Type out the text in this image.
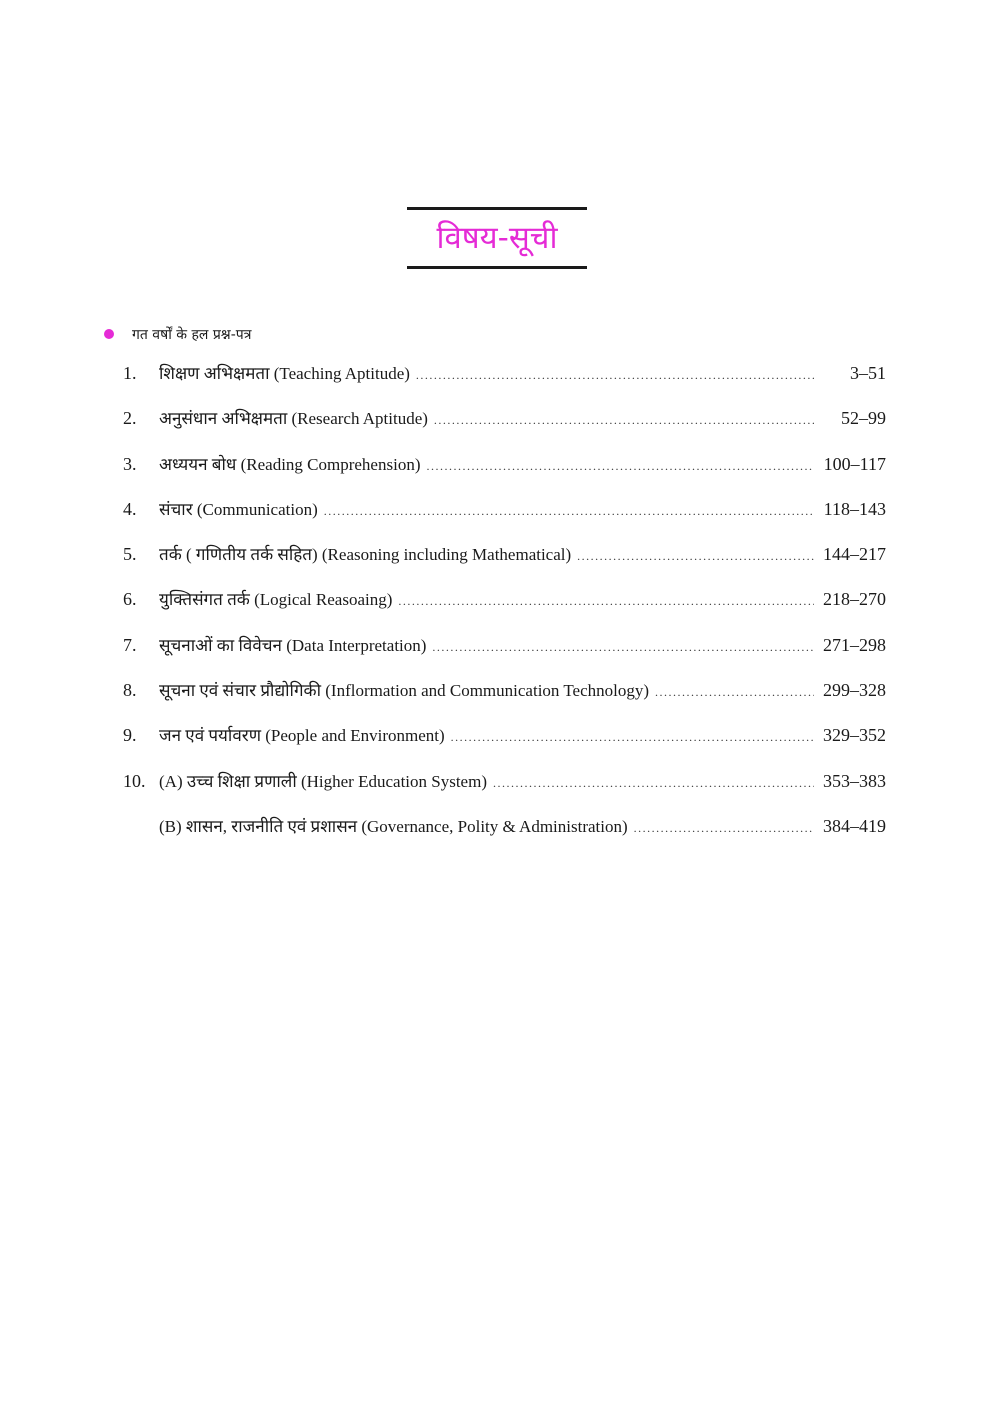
विषय-सूची
गत वर्षों के हल प्रश्न-पत्र
1.	शिक्षण अभिक्षमता (Teaching Aptitude) .....	3–51
2.	अनुसंधान अभिक्षमता (Research Aptitude) .....	52–99
3.	अध्ययन बोध (Reading Comprehension) .....	100–117
4.	संचार (Communication) .....	118–143
5.	तर्क ( गणितीय तर्क सहित) (Reasoning including Mathematical) .....	144–217
6.	युक्तिसंगत तर्क (Logical Reasoaing) .....	218–270
7.	सूचनाओं का विवेचन (Data Interpretation) .....	271–298
8.	सूचना एवं संचार प्रौद्योगिकी (Inflormation and Communication Technology) .....	299–328
9.	जन एवं पर्यावरण (People and Environment) .....	329–352
10. (A) उच्च शिक्षा प्रणाली (Higher Education System) .....	353–383
(B) शासन, राजनीति एवं प्रशासन (Governance, Polity & Administration) .....	384–419
